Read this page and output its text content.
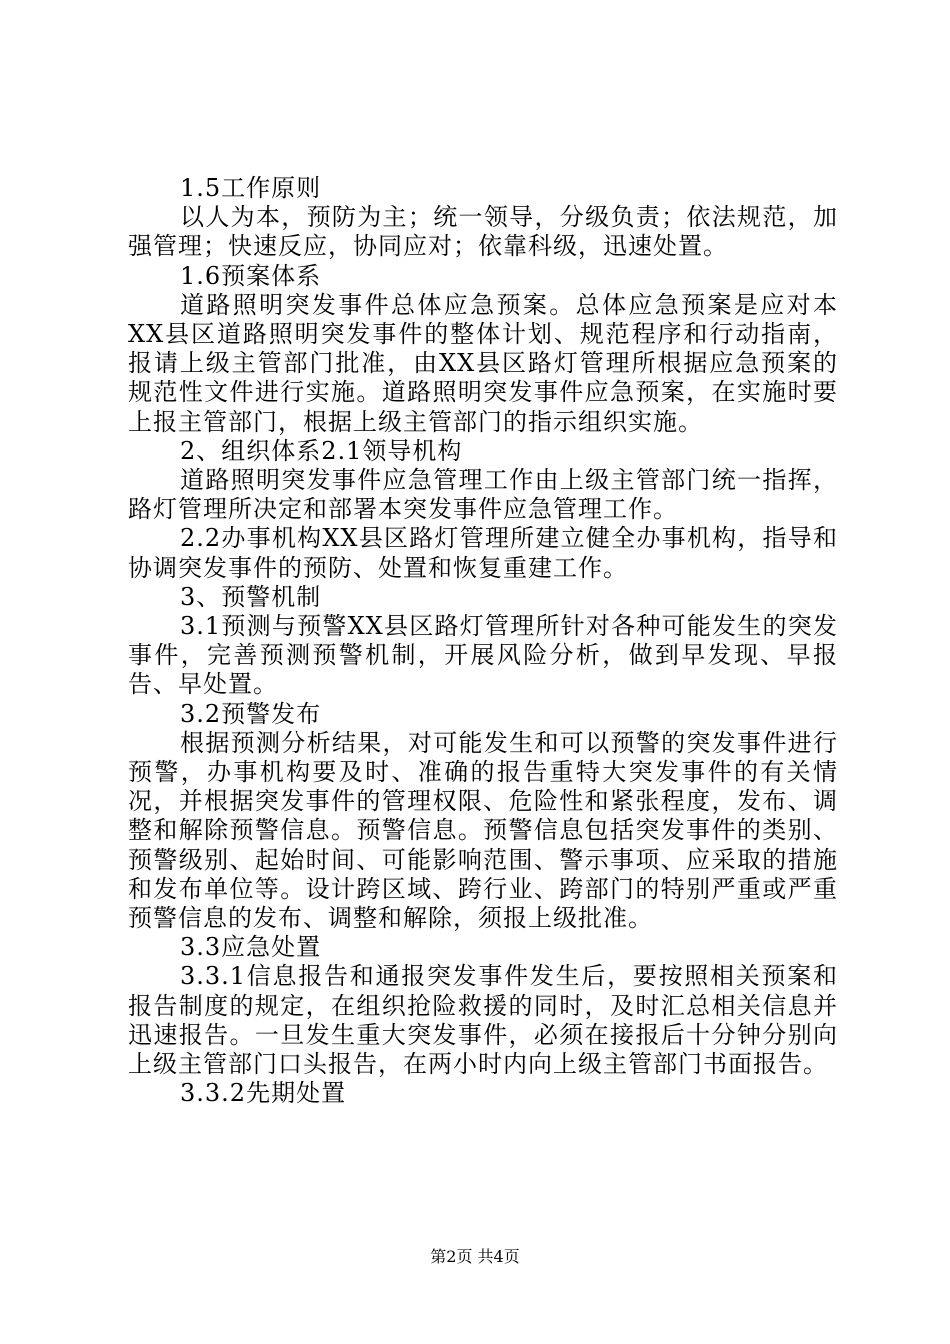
1.5工作原则

以人为本，预防为主；统一领导，分级负责；依法规范，加强管理；快速反应，协同应对；依靠科级，迅速处置。

1.6预案体系

道路照明突发事件总体应急预案。总体应急预案是应对本XX县区道路照明突发事件的整体计划、规范程序和行动指南，报请上级主管部门批准，由XX县区路灯管理所根据应急预案的规范性文件进行实施。道路照明突发事件应急预案，在实施时要上报主管部门，根据上级主管部门的指示组织实施。

2、组织体系2.1领导机构

道路照明突发事件应急管理工作由上级主管部门统一指挥，路灯管理所决定和部署本突发事件应急管理工作。

2.2办事机构XX县区路灯管理所建立健全办事机构，指导和协调突发事件的预防、处置和恢复重建工作。

3、预警机制

3.1预测与预警XX县区路灯管理所针对各种可能发生的突发事件，完善预测预警机制，开展风险分析，做到早发现、早报告、早处置。

3.2预警发布

根据预测分析结果，对可能发生和可以预警的突发事件进行预警，办事机构要及时、准确的报告重特大突发事件的有关情况，并根据突发事件的管理权限、危险性和紧张程度，发布、调整和解除预警信息。预警信息。预警信息包括突发事件的类别、预警级别、起始时间、可能影响范围、警示事项、应采取的措施和发布单位等。设计跨区域、跨行业、跨部门的特别严重或严重预警信息的发布、调整和解除，须报上级批准。

3.3应急处置

3.3.1信息报告和通报突发事件发生后，要按照相关预案和报告制度的规定，在组织抢险救援的同时，及时汇总相关信息并迅速报告。一旦发生重大突发事件，必须在接报后十分钟分别向上级主管部门口头报告，在两小时内向上级主管部门书面报告。

3.3.2先期处置

第2页 共4页
